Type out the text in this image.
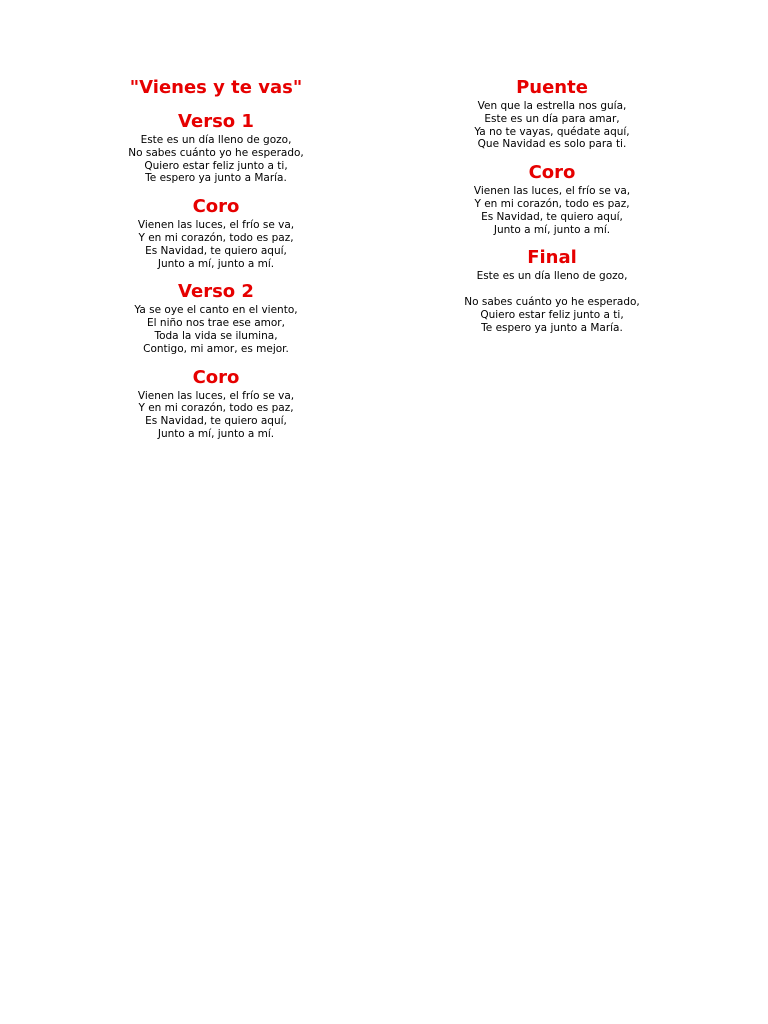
"Vienes y te vas"
Verso 1
Este es un día lleno de gozo,
No sabes cuánto yo he esperado,
Quiero estar feliz junto a ti,
Te espero ya junto a María.
Coro
Vienen las luces, el frío se va,
Y en mi corazón, todo es paz,
Es Navidad, te quiero aquí,
Junto a mí, junto a mí.
Verso 2
Ya se oye el canto en el viento,
El niño nos trae ese amor,
Toda la vida se ilumina,
Contigo, mi amor, es mejor.
Coro
Vienen las luces, el frío se va,
Y en mi corazón, todo es paz,
Es Navidad, te quiero aquí,
Junto a mí, junto a mí.
Puente
Ven que la estrella nos guía,
Este es un día para amar,
Ya no te vayas, quédate aquí,
Que Navidad es solo para ti.
Coro
Vienen las luces, el frío se va,
Y en mi corazón, todo es paz,
Es Navidad, te quiero aquí,
Junto a mí, junto a mí.
Final
Este es un día lleno de gozo,
No sabes cuánto yo he esperado,
Quiero estar feliz junto a ti,
Te espero ya junto a María.
